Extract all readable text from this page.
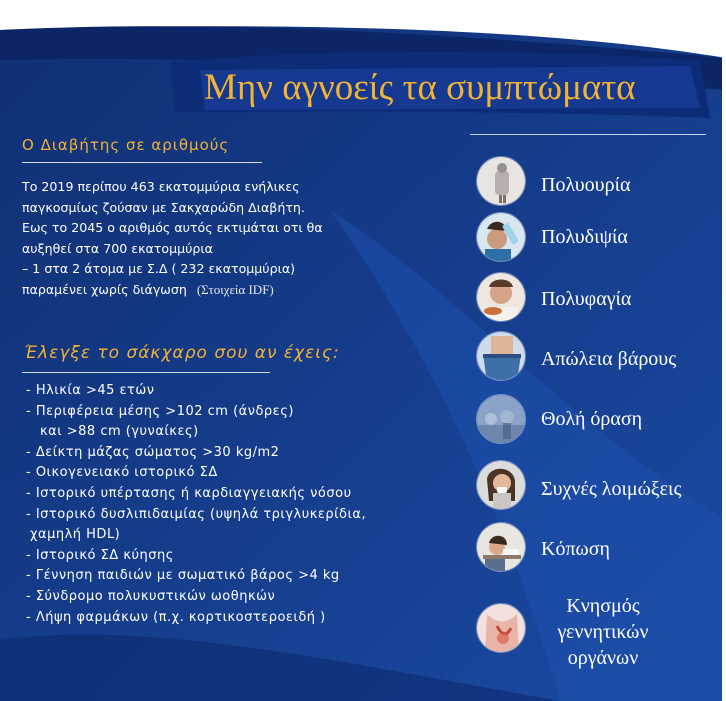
Μην αγνοείς τα συμπτώματα
Ο Διαβήτης σε αριθμούς

Το 2019 περίπου 463 εκατομμύρια ενήλικες

παγκοσμίως ζούσαν με Σακχαρώδη Διαβήτη.

Εως το 2045 ο αριθμός αυτός εκτιμάται οτι θα

αυξηθεί στα 700 εκατομμύρια

– 1 στα 2 άτομα με Σ.Δ ( 232 εκατομμύρια)

παραμένει χωρίς διάγωση (Στοιχεία IDF)

Έλεγξε το σάκχαρο σου αν έχεις:
- Ηλικία >45 ετών
- Περιφέρεια μέσης >102 cm (άνδρες)
και >88 cm (γυναίκες)
- Δείκτη μάζας σώματος >30 kg/m2
- Οικογενειακό ιστορικό ΣΔ
- Ιστορικό υπέρτασης ή καρδιαγγειακής νόσου
- Ιστορικό δυσλιπιδαιμίας (υψηλά τριγλυκερίδια,
χαμηλή HDL)
- Ιστορικό ΣΔ κύησης
- Γέννηση παιδιών με σωματικό βάρος >4 kg
- Σύνδρομο πολυκυστικών ωοθηκών
- Λήψη φαρμάκων (π.χ. κορτικοστεροειδή )
Πολυουρία
Πολυδιψία
Πολυφαγία
Απώλεια βάρους
Θολή όραση
Συχνές λοιμώξεις
Κόπωση
Κνησμός
γεννητικών
οργάνων
